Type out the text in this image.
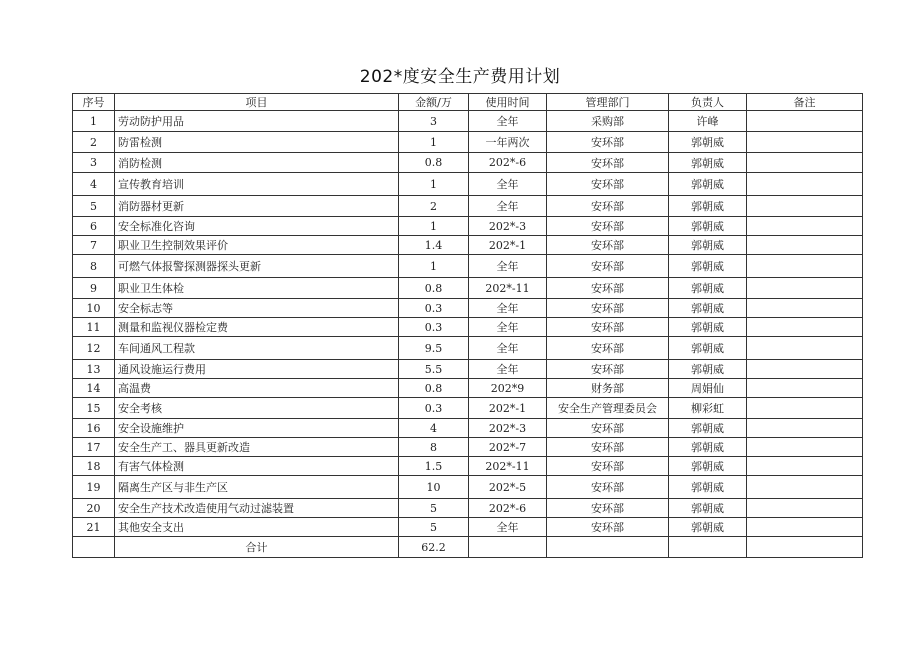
202*度安全生产费用计划
序号	项目	金额/万	使用时间	管理部门	负责人	备注
1	劳动防护用品	3	全年	采购部	许峰	
2	防雷检测	1	一年两次	安环部	郭朝威	
3	消防检测	0.8	202*-6	安环部	郭朝威	
4	宣传教育培训	1	全年	安环部	郭朝威	
5	消防器材更新	2	全年	安环部	郭朝威	
6	安全标准化咨询	1	202*-3	安环部	郭朝威	
7	职业卫生控制效果评价	1.4	202*-1	安环部	郭朝威	
8	可燃气体报警探测器探头更新	1	全年	安环部	郭朝威	
9	职业卫生体检	0.8	202*-11	安环部	郭朝威	
10	安全标志等	0.3	全年	安环部	郭朝威	
11	测量和监视仪器检定费	0.3	全年	安环部	郭朝威	
12	车间通风工程款	9.5	全年	安环部	郭朝威	
13	通风设施运行费用	5.5	全年	安环部	郭朝威	
14	高温费	0.8	202*9	财务部	周娟仙	
15	安全考核	0.3	202*-1	安全生产管理委员会	柳彩虹	
16	安全设施维护	4	202*-3	安环部	郭朝威	
17	安全生产工、器具更新改造	8	202*-7	安环部	郭朝威	
18	有害气体检测	1.5	202*-11	安环部	郭朝威	
19	隔离生产区与非生产区	10	202*-5	安环部	郭朝威	
20	安全生产技术改造使用气动过滤装置	5	202*-6	安环部	郭朝威	
21	其他安全支出	5	全年	安环部	郭朝威	
	合计	62.2				
